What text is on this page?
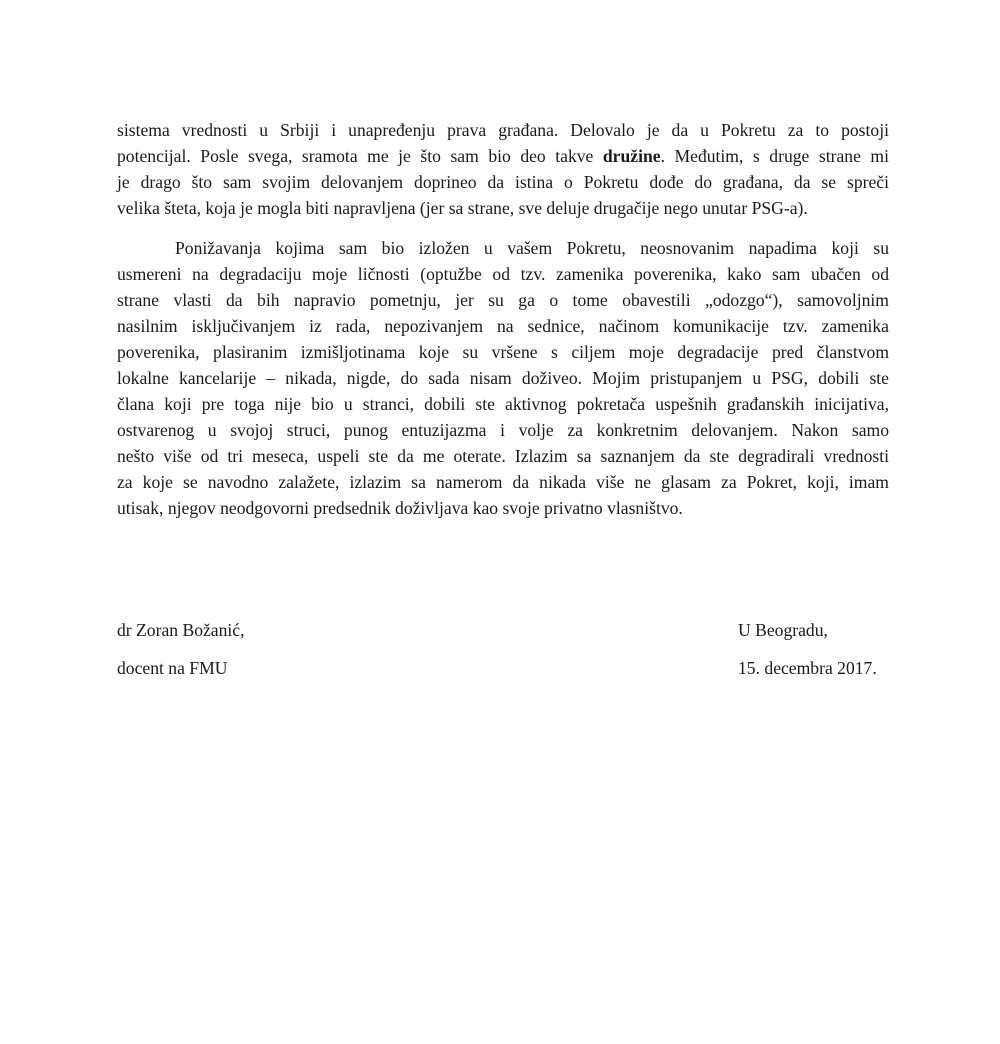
sistema vrednosti u Srbiji i unapređenju prava građana. Delovalo je da u Pokretu za to postoji
potencijal. Posle svega, sramota me je što sam bio deo takve družine. Međutim, s druge strane mi
je drago što sam svojim delovanjem doprineo da istina o Pokretu dođe do građana, da se spreči
velika šteta, koja je mogla biti napravljena (jer sa strane, sve deluje drugačije nego unutar PSG-a).
Ponižavanja kojima sam bio izložen u vašem Pokretu, neosnovanim napadima koji su
usmereni na degradaciju moje ličnosti (optužbe od tzv. zamenika poverenika, kako sam ubačen od
strane vlasti da bih napravio pometnju, jer su ga o tome obavestili „odozgo“), samovoljnim
nasilnim isključivanjem iz rada, nepozivanjem na sednice, načinom komunikacije tzv. zamenika
poverenika, plasiranim izmišljotinama koje su vršene s ciljem moje degradacije pred članstvom
lokalne kancelarije – nikada, nigde, do sada nisam doživeo. Mojim pristupanjem u PSG, dobili ste
člana koji pre toga nije bio u stranci, dobili ste aktivnog pokretača uspešnih građanskih inicijativa,
ostvarenog u svojoj struci, punog entuzijazma i volje za konkretnim delovanjem. Nakon samo
nešto više od tri meseca, uspeli ste da me oterate. Izlazim sa saznanjem da ste degradirali vrednosti
za koje se navodno zalažete, izlazim sa namerom da nikada više ne glasam za Pokret, koji, imam
utisak, njegov neodgovorni predsednik doživljava kao svoje privatno vlasništvo.
dr Zoran Božanić,
docent na FMU
U Beogradu,
15. decembra 2017.
